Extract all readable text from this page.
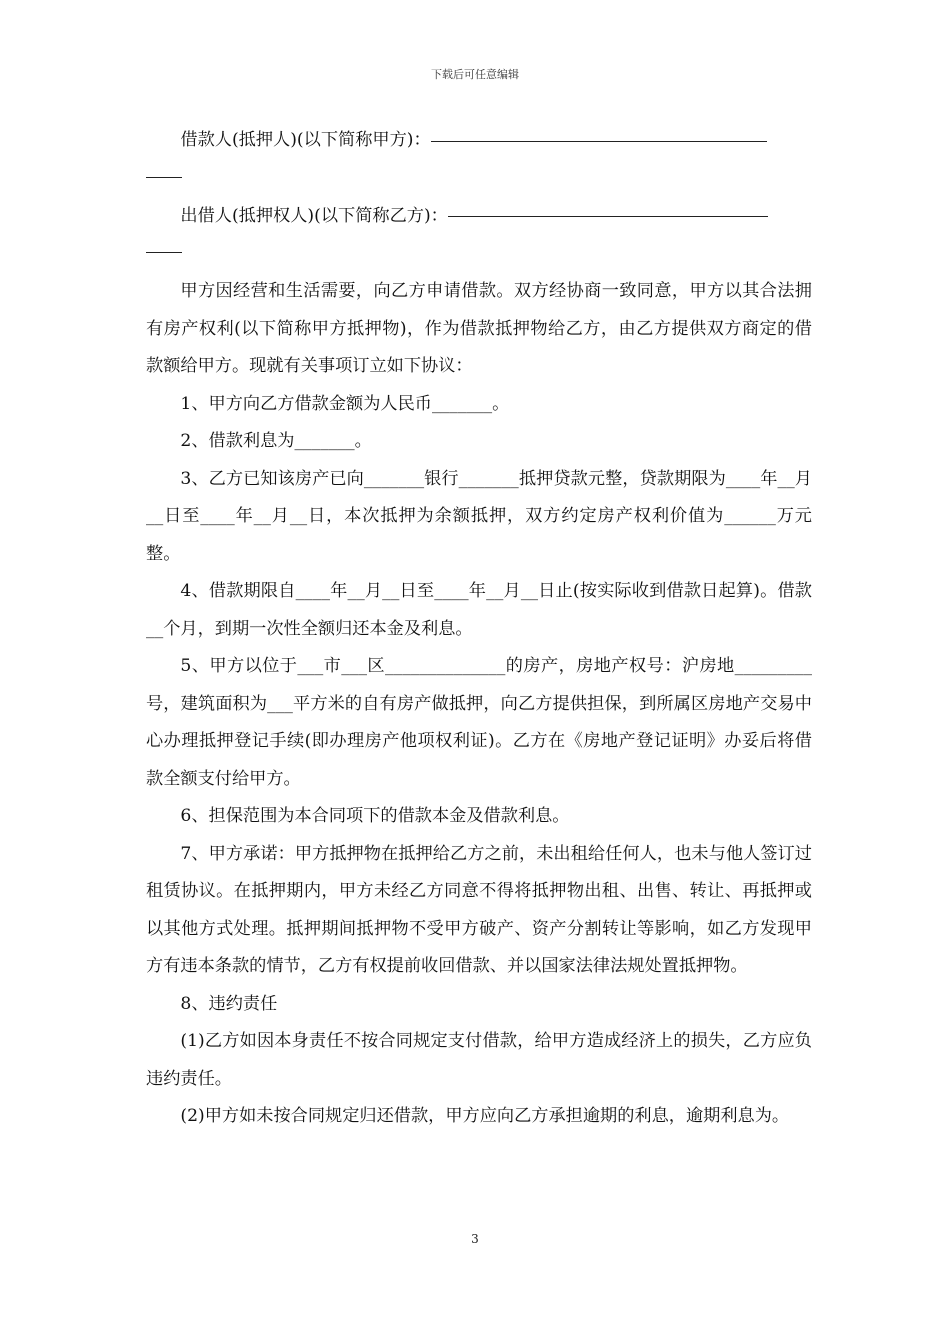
下载后可任意编辑

借款人(抵押人)(以下简称甲方)：

出借人(抵押权人)(以下简称乙方)：

甲方因经营和生活需要，向乙方申请借款。双方经协商一致同意，甲方以其合法拥有房产权利(以下简称甲方抵押物)，作为借款抵押物给乙方，由乙方提供双方商定的借款额给甲方。现就有关事项订立如下协议：

1、甲方向乙方借款金额为人民币_______。

2、借款利息为_______。

3、乙方已知该房产已向_______银行_______抵押贷款元整，贷款期限为____年__月__日至____年__月__日，本次抵押为余额抵押，双方约定房产权利价值为______万元整。

4、借款期限自____年__月__日至____年__月__日止(按实际收到借款日起算)。借款__个月，到期一次性全额归还本金及利息。

5、甲方以位于___市___区______________的房产，房地产权号：沪房地_________号，建筑面积为___平方米的自有房产做抵押，向乙方提供担保，到所属区房地产交易中心办理抵押登记手续(即办理房产他项权利证)。乙方在《房地产登记证明》办妥后将借款全额支付给甲方。

6、担保范围为本合同项下的借款本金及借款利息。

7、甲方承诺：甲方抵押物在抵押给乙方之前，未出租给任何人，也未与他人签订过租赁协议。在抵押期内，甲方未经乙方同意不得将抵押物出租、出售、转让、再抵押或以其他方式处理。抵押期间抵押物不受甲方破产、资产分割转让等影响，如乙方发现甲方有违本条款的情节，乙方有权提前收回借款、并以国家法律法规处置抵押物。

8、违约责任

(1)乙方如因本身责任不按合同规定支付借款，给甲方造成经济上的损失，乙方应负违约责任。

(2)甲方如未按合同规定归还借款，甲方应向乙方承担逾期的利息，逾期利息为。

3
